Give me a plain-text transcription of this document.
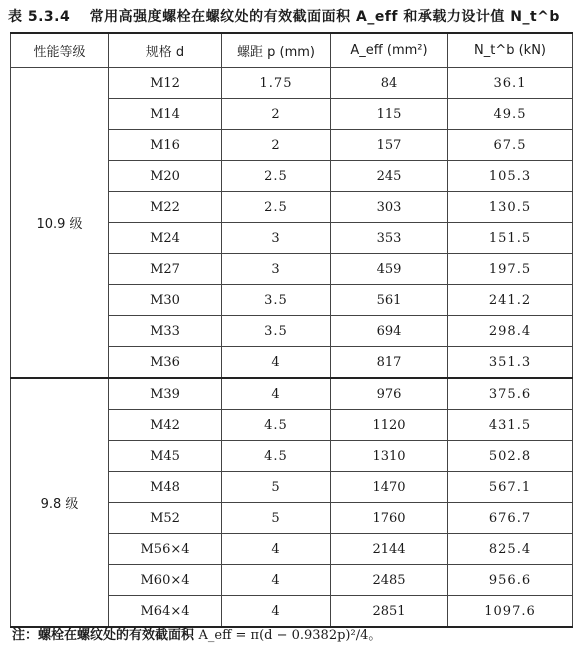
表 5.3.4 常用高强度螺栓在螺纹处的有效截面面积 A_eff 和承载力设计值 N_t^b
性能等级	规格 d	螺距 p (mm)	A_eff (mm²)	N_t^b (kN)
10.9 级	M12	1.75	84	36.1
	M14	2	115	49.5
	M16	2	157	67.5
	M20	2.5	245	105.3
	M22	2.5	303	130.5
	M24	3	353	151.5
	M27	3	459	197.5
	M30	3.5	561	241.2
	M33	3.5	694	298.4
	M36	4	817	351.3
9.8 级	M39	4	976	375.6
	M42	4.5	1120	431.5
	M45	4.5	1310	502.8
	M48	5	1470	567.1
	M52	5	1760	676.7
	M56×4	4	2144	825.4
	M60×4	4	2485	956.6
	M64×4	4	2851	1097.6
注：螺栓在螺纹处的有效截面积 A_eff = π(d − 0.9382p)²/4。
